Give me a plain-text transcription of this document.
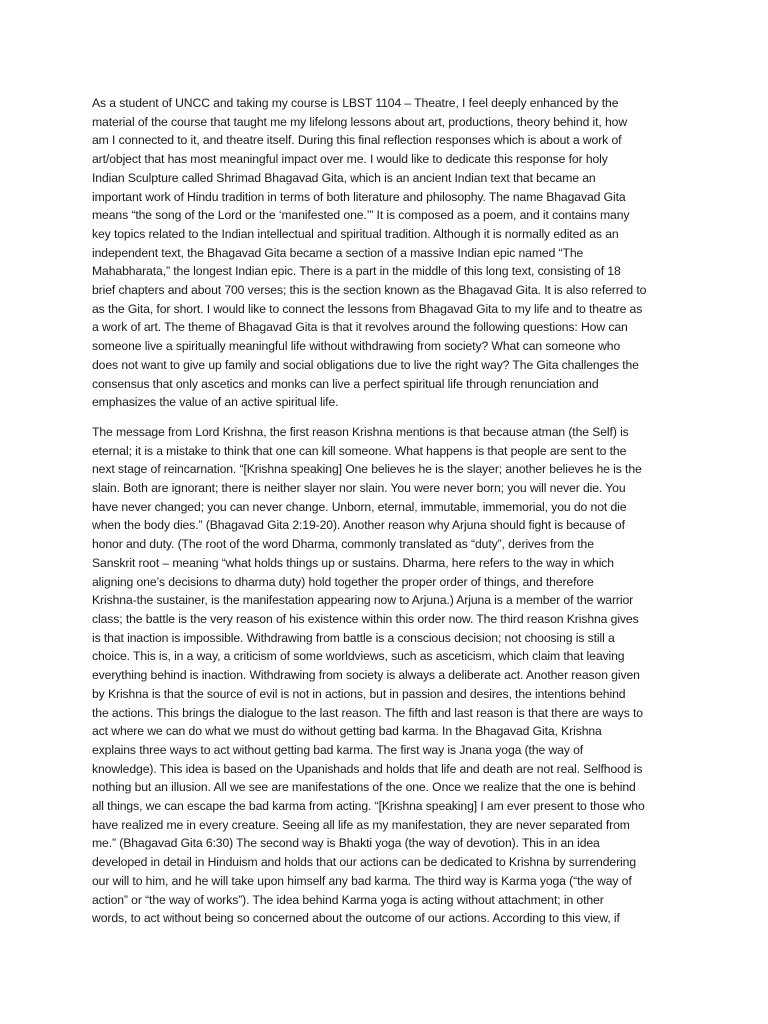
As a student of UNCC and taking my course is LBST 1104 – Theatre, I feel deeply enhanced by the
material of the course that taught me my lifelong lessons about art, productions, theory behind it, how
am I connected to it, and theatre itself. During this final reflection responses which is about a work of
art/object that has most meaningful impact over me. I would like to dedicate this response for holy
Indian Sculpture called Shrimad Bhagavad Gita, which is an ancient Indian text that became an
important work of Hindu tradition in terms of both literature and philosophy. The name Bhagavad Gita
means “the song of the Lord or the ‘manifested one.’” It is composed as a poem, and it contains many
key topics related to the Indian intellectual and spiritual tradition. Although it is normally edited as an
independent text, the Bhagavad Gita became a section of a massive Indian epic named “The
Mahabharata,” the longest Indian epic. There is a part in the middle of this long text, consisting of 18
brief chapters and about 700 verses; this is the section known as the Bhagavad Gita. It is also referred to
as the Gita, for short. I would like to connect the lessons from Bhagavad Gita to my life and to theatre as
a work of art. The theme of Bhagavad Gita is that it revolves around the following questions: How can
someone live a spiritually meaningful life without withdrawing from society? What can someone who
does not want to give up family and social obligations due to live the right way? The Gita challenges the
consensus that only ascetics and monks can live a perfect spiritual life through renunciation and
emphasizes the value of an active spiritual life.
The message from Lord Krishna, the first reason Krishna mentions is that because atman (the Self) is
eternal; it is a mistake to think that one can kill someone. What happens is that people are sent to the
next stage of reincarnation. “[Krishna speaking] One believes he is the slayer; another believes he is the
slain. Both are ignorant; there is neither slayer nor slain. You were never born; you will never die. You
have never changed; you can never change. Unborn, eternal, immutable, immemorial, you do not die
when the body dies.” (Bhagavad Gita 2:19-20). Another reason why Arjuna should fight is because of
honor and duty. (The root of the word Dharma, commonly translated as “duty”, derives from the
Sanskrit root – meaning “what holds things up or sustains. Dharma, here refers to the way in which
aligning one’s decisions to dharma duty) hold together the proper order of things, and therefore
Krishna-the sustainer, is the manifestation appearing now to Arjuna.) Arjuna is a member of the warrior
class; the battle is the very reason of his existence within this order now. The third reason Krishna gives
is that inaction is impossible. Withdrawing from battle is a conscious decision; not choosing is still a
choice. This is, in a way, a criticism of some worldviews, such as asceticism, which claim that leaving
everything behind is inaction. Withdrawing from society is always a deliberate act. Another reason given
by Krishna is that the source of evil is not in actions, but in passion and desires, the intentions behind
the actions. This brings the dialogue to the last reason. The fifth and last reason is that there are ways to
act where we can do what we must do without getting bad karma. In the Bhagavad Gita, Krishna
explains three ways to act without getting bad karma. The first way is Jnana yoga (the way of
knowledge). This idea is based on the Upanishads and holds that life and death are not real. Selfhood is
nothing but an illusion. All we see are manifestations of the one. Once we realize that the one is behind
all things, we can escape the bad karma from acting. “[Krishna speaking] I am ever present to those who
have realized me in every creature. Seeing all life as my manifestation, they are never separated from
me.” (Bhagavad Gita 6:30) The second way is Bhakti yoga (the way of devotion). This in an idea
developed in detail in Hinduism and holds that our actions can be dedicated to Krishna by surrendering
our will to him, and he will take upon himself any bad karma. The third way is Karma yoga (“the way of
action” or “the way of works”). The idea behind Karma yoga is acting without attachment; in other
words, to act without being so concerned about the outcome of our actions. According to this view, if
